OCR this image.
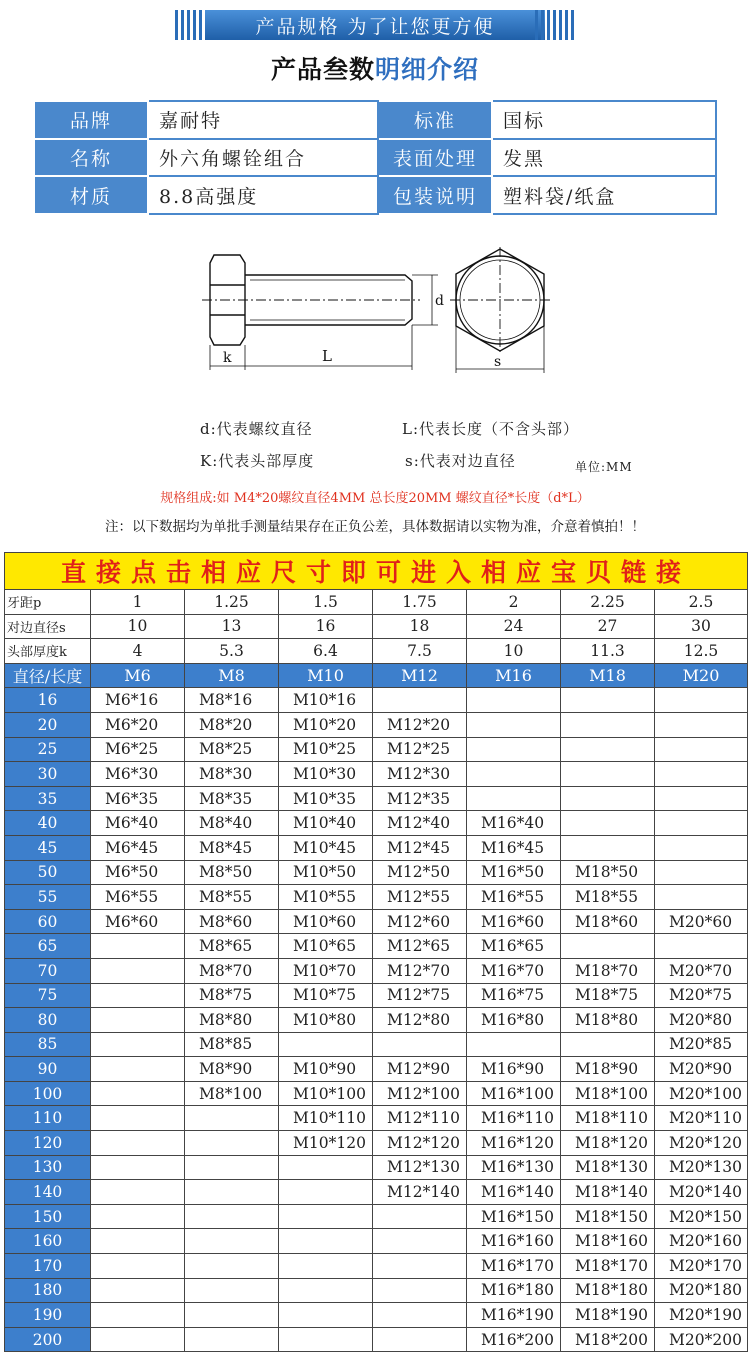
产品规格 为了让您更方便
产品叁数明细介绍
品牌	嘉耐特	标准	国标
名称	外六角螺铨组合	表面处理	发黑
材质	8.8高强度	包装说明	塑料袋/纸盒
d
k	L	s
d:代表螺纹直径	L:代表长度（不含头部）
K:代表头部厚度	s:代表对边直径	单位:MM
规格组成:如 M4*20螺纹直径4MM 总长度20MM 螺纹直径*长度（d*L）
注：以下数据均为单批手测量结果存在正负公差，具体数据请以实物为准，介意着慎拍！！
直接点击相应尺寸即可进入相应宝贝链接							
牙距p	1	1.25	1.5	1.75	2	2.25	2.5
对边直径s	10	13	16	18	24	27	30
头部厚度k	4	5.3	6.4	7.5	10	11.3	12.5
直径/长度	M6	M8	M10	M12	M16	M18	M20
16	M6*16	M8*16	M10*16				
20	M6*20	M8*20	M10*20	M12*20			
25	M6*25	M8*25	M10*25	M12*25			
30	M6*30	M8*30	M10*30	M12*30			
35	M6*35	M8*35	M10*35	M12*35			
40	M6*40	M8*40	M10*40	M12*40	M16*40		
45	M6*45	M8*45	M10*45	M12*45	M16*45		
50	M6*50	M8*50	M10*50	M12*50	M16*50	M18*50	
55	M6*55	M8*55	M10*55	M12*55	M16*55	M18*55	
60	M6*60	M8*60	M10*60	M12*60	M16*60	M18*60	M20*60
65		M8*65	M10*65	M12*65	M16*65		
70		M8*70	M10*70	M12*70	M16*70	M18*70	M20*70
75		M8*75	M10*75	M12*75	M16*75	M18*75	M20*75
80		M8*80	M10*80	M12*80	M16*80	M18*80	M20*80
85		M8*85					M20*85
90		M8*90	M10*90	M12*90	M16*90	M18*90	M20*90
100		M8*100	M10*100	M12*100	M16*100	M18*100	M20*100
110			M10*110	M12*110	M16*110	M18*110	M20*110
120			M10*120	M12*120	M16*120	M18*120	M20*120
130				M12*130	M16*130	M18*130	M20*130
140				M12*140	M16*140	M18*140	M20*140
150					M16*150	M18*150	M20*150
160					M16*160	M18*160	M20*160
170					M16*170	M18*170	M20*170
180					M16*180	M18*180	M20*180
190					M16*190	M18*190	M20*190
200					M16*200	M18*200	M20*200
